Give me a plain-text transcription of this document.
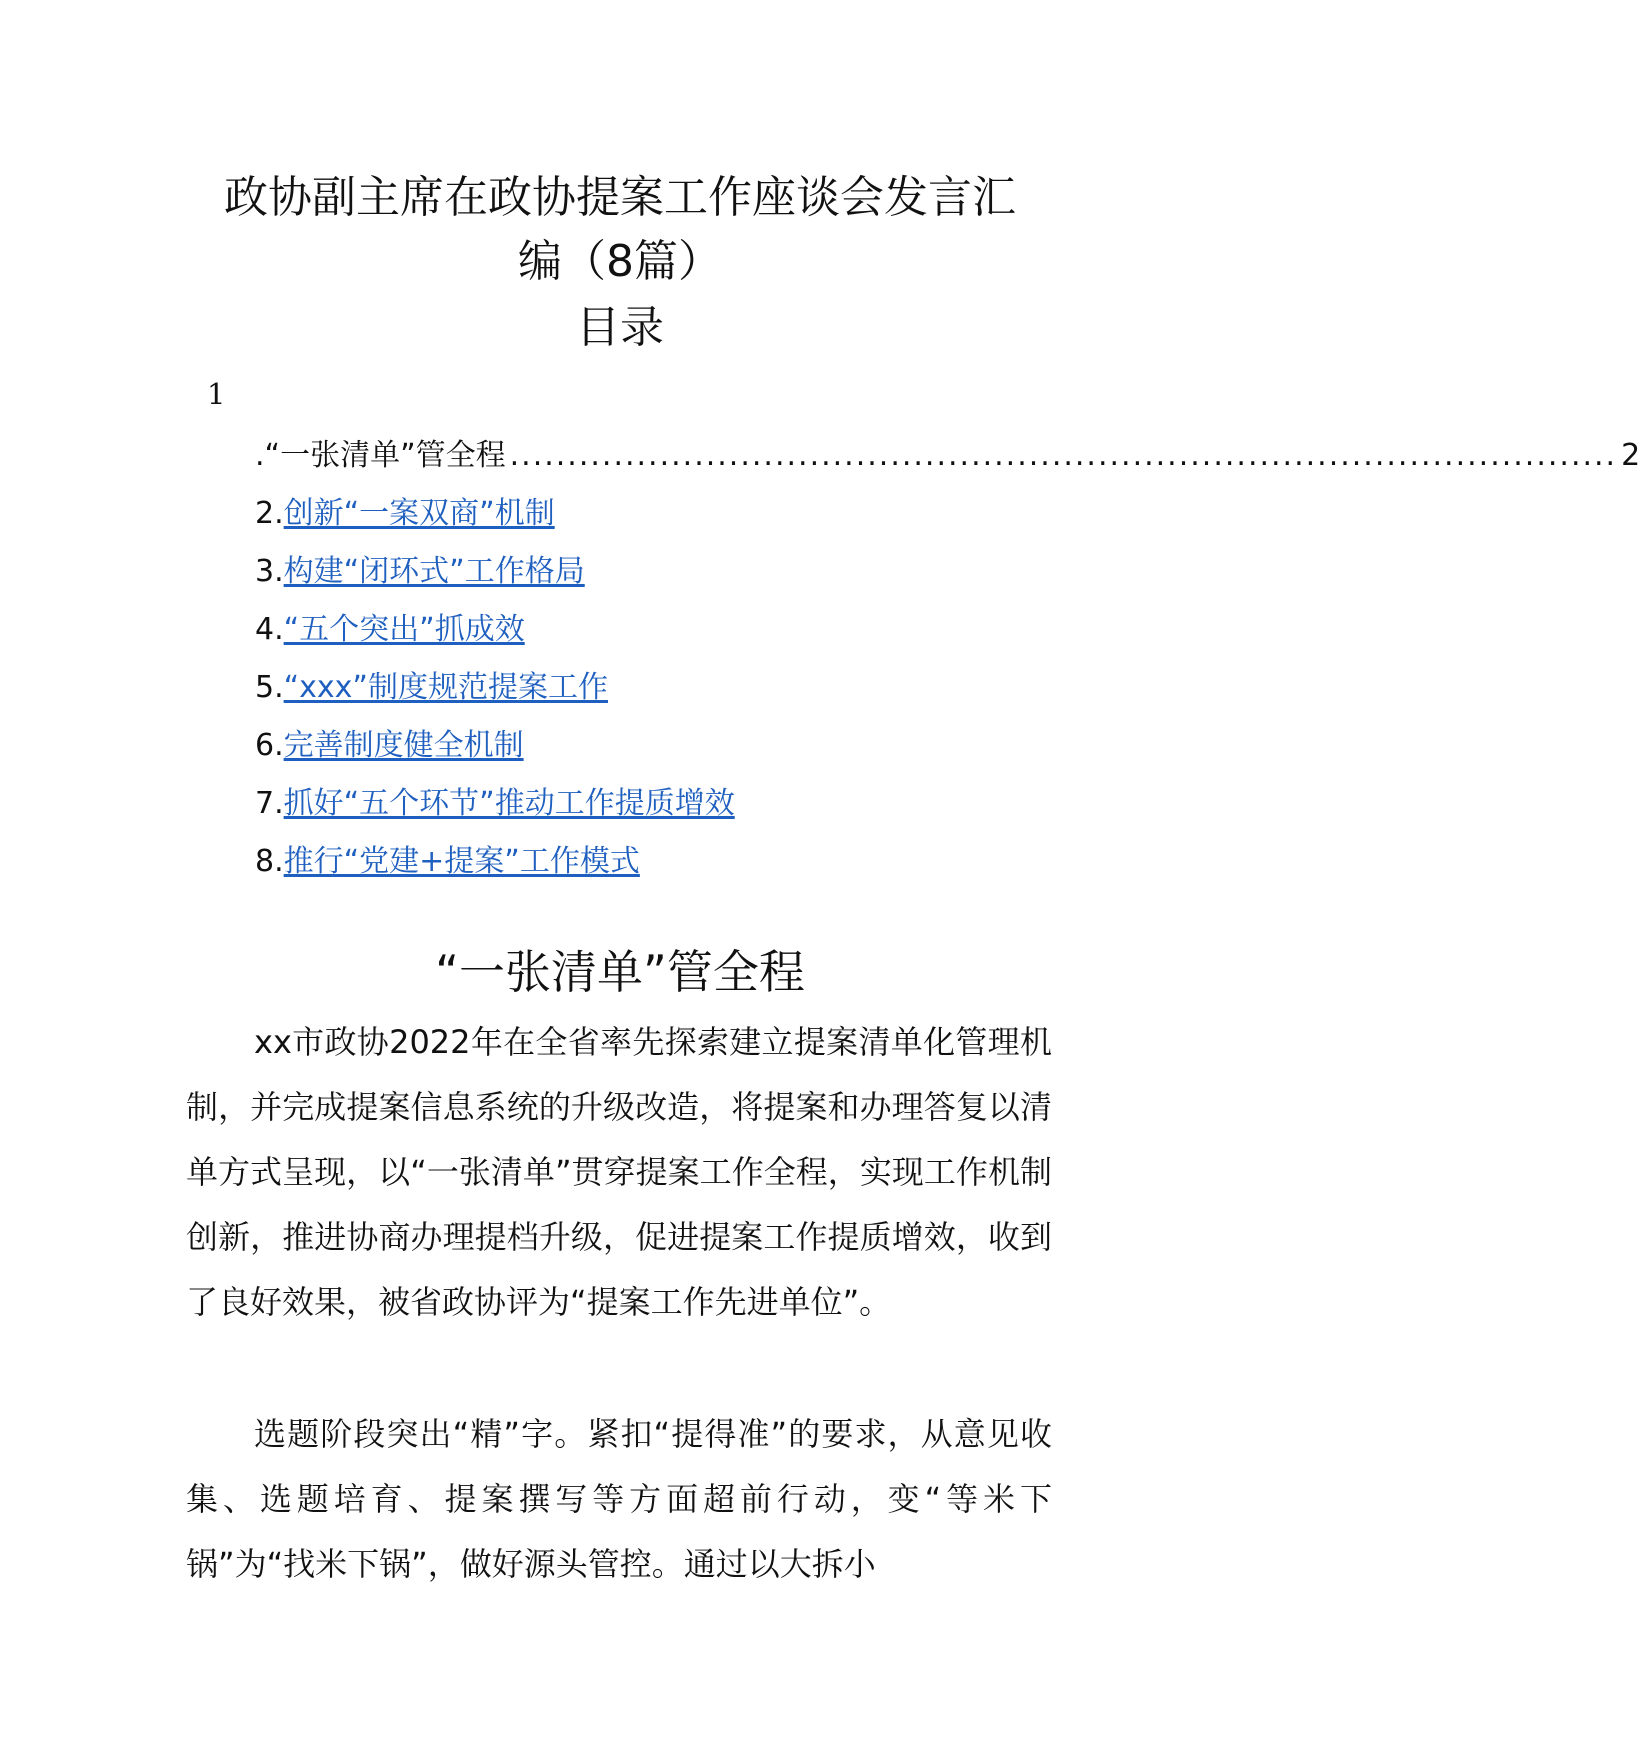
政协副主席在政协提案工作座谈会发言汇
编（8篇）
目录
1
.“一张清单”管全程 ................................................................................................ 2
2.创新“一案双商”机制
3.构建“闭环式”工作格局
4.“五个突出”抓成效
5.“xxx”制度规范提案工作
6.完善制度健全机制
7.抓好“五个环节”推动工作提质增效
8.推行“党建+提案”工作模式
“一张清单”管全程

xx市政协2022年在全省率先探索建立提案清单化管理机制，并完成提案信息系统的升级改造，将提案和办理答复以清单方式呈现，以“一张清单”贯穿提案工作全程，实现工作机制创新，推进协商办理提档升级，促进提案工作提质增效，收到了良好效果，被省政协评为“提案工作先进单位”。

选题阶段突出“精”字。紧扣“提得准”的要求，从意见收集、选题培育、提案撰写等方面超前行动，变“等米下锅”为“找米下锅”，做好源头管控。通过以大拆小
